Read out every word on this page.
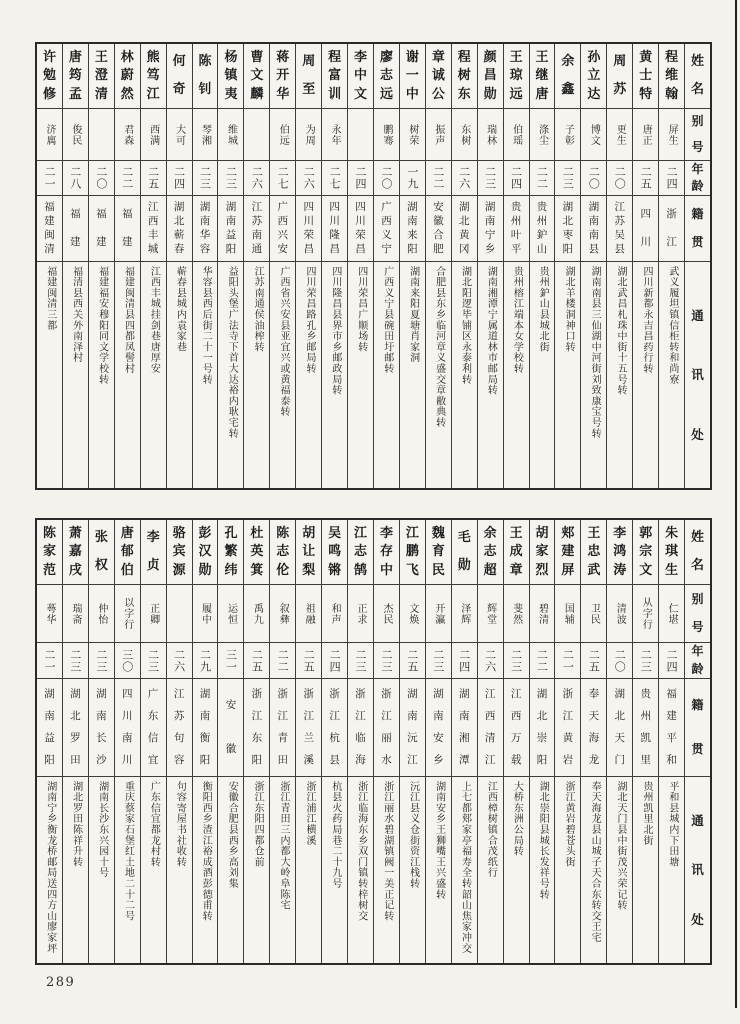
姓
名
别
号
年
龄
籍
贯
通
讯
处
程
维
翰
屏生
二四
浙
江
武义履坦镇信柜转和尚寮
黄
士
特
唐正
二五
四
川
四川新都永吉昌药行转
周
苏
更生
二〇
江
苏
吴
县
湖北武昌札珠中街十五号转
孙
立
达
博文
二〇
湖
南
南
县
湖南南县三仙湖中河街刘致康宝号转
余
鑫
子彰
二三
湖
北
枣
阳
湖北羊楼洞神口转
王
继
唐
涤尘
二二
贵
州
鈩
山
贵州鈩山县城北街
王
琼
远
伯瑶
二四
贵
州
叶
平
贵州榕江端本女学校转
颜
昌
勋
瑞林
二三
湖
南
宁
乡
湖南湘潭宁属道林市邮局转
程
树
东
东树
二六
湖
北
黄
冈
湖北阳逻毕铺区永泰利转
章
诚
公
振声
二二
安
徽
合
肥
合肥县东乡临河章义盛交章敝典转
谢
一
中
树荣
一九
湖
南
来
阳
湖南来阳夏塘肖家洞
廖
志
远
鹏骞
二〇
广
西
义
宁
广西义宁县碗田圩邮转
李
中
文
二四
四
川
荣
昌
四川荣昌广顺场转
程
富
训
永年
二七
四
川
隆
昌
四川隆昌县界市乡邮政局转
周
至
为周
二六
四
川
荣
昌
四川荣昌路孔乡邮局转
蒋
开
华
伯远
二七
广
西
兴
安
广西省兴安县亚宜兴或黄福泰转
曹
文
麟
二六
江
苏
南
通
江苏南通侯油榨转
杨
镇
夷
维城
二三
湖
南
益
阳
益阳头堡广法寺下首大达裕内耿宅转
陈
钊
琴湘
二三
湖
南
华
容
华容县西后街二十一号转
何
奇
大可
二四
湖
北
蕲
春
蕲春县城内袁家巷
熊
笃
江
西满
二五
江
西
丰
城
江西丰城挂剑巷唐厚安
林
蔚
然
君森
二二
福
建
福建闽清县四都凤髻村
王
澄
清
二〇
福
建
福建福安穆阳同文学校转
唐
筠
孟
俊民
二八
福
建
福清县西关外南泽村
许
勉
修
济庽
二一
福
建
闽
清
福建闽清三都
姓
名
别
号
年
龄
籍
贯
通
讯
处
朱
琪
生
仁堪
二四
福
建
平
和
平和县城内下田塘
郭
宗
文
从字行
二三
贵
州
凯
里
贵州凯里北街
李
鸿
涛
清波
二〇
湖
北
天
门
湖北天门县中街茂兴荣记转
王
忠
武
卫民
二五
奉
天
海
龙
奉天海龙县山城子天合东转交王宅
郏
建
屏
国辅
二一
浙
江
黄
岩
浙江黄岩碧苍头街
胡
家
烈
碧清
二二
湖
北
崇
阳
湖北崇阳县城长发祥号转
王
成
章
斐然
二三
江
西
万
载
大桥东洲公局转
余
志
超
辉堂
二六
江
西
清
江
江西樟树镇合茂纸行
毛
勋
泽辉
二四
湖
南
湘
潭
上七都郏家亭福寿全转韶山焦家冲交
魏
育
民
开瀛
二三
湖
南
安
乡
湖南安乡王狮嘴王兴盛转
江
鹏
飞
文焕
二五
湖
南
沅
江
沅江县义仓街资江栈转
李
存
中
杰民
二三
浙
江
丽
水
浙江丽水碧湖镇阙一美正记转
江
志
鹄
正求
二三
浙
江
临
海
浙江临海东乡双门镇转梓树交
吴
鸣
锵
和声
二四
浙
江
杭
县
杭县火药局巷二十九号
胡
让
梨
祖融
二五
浙
江
兰
溪
浙江浦江横溪
陈
志
伦
叙彝
二二
浙
江
青
田
浙江青田三内都大岭阜陈宅
杜
英
箕
禹九
二五
浙
江
东
阳
浙江东阳四都仓前
孔
繁
纬
运恒
三一
安
徽
安徽合肥县西乡高刘集
彭
汉
勋
履中
二九
湖
南
衡
阳
衡阳西乡渣江裕成酒彭德甫转
骆
宾
源
二六
江
苏
句
容
句容寄屋书社收转
李
贞
正卿
二三
广
东
信
宜
广东信宜都龙村转
唐
郁
伯
以字行
三〇
四
川
南
川
重庆蔡家石堡红土地二十二号
张
权
仲怡
二三
湖
南
长
沙
湖南长沙东兴园十号
萧
嘉
戌
瑞斋
二三
湖
北
罗
田
湖北罗田陈祥升转
陈
家
范
蕚华
二一
湖
南
益
阳
湖南宁乡衡龙桥邮局送四方山廖家坪
289
